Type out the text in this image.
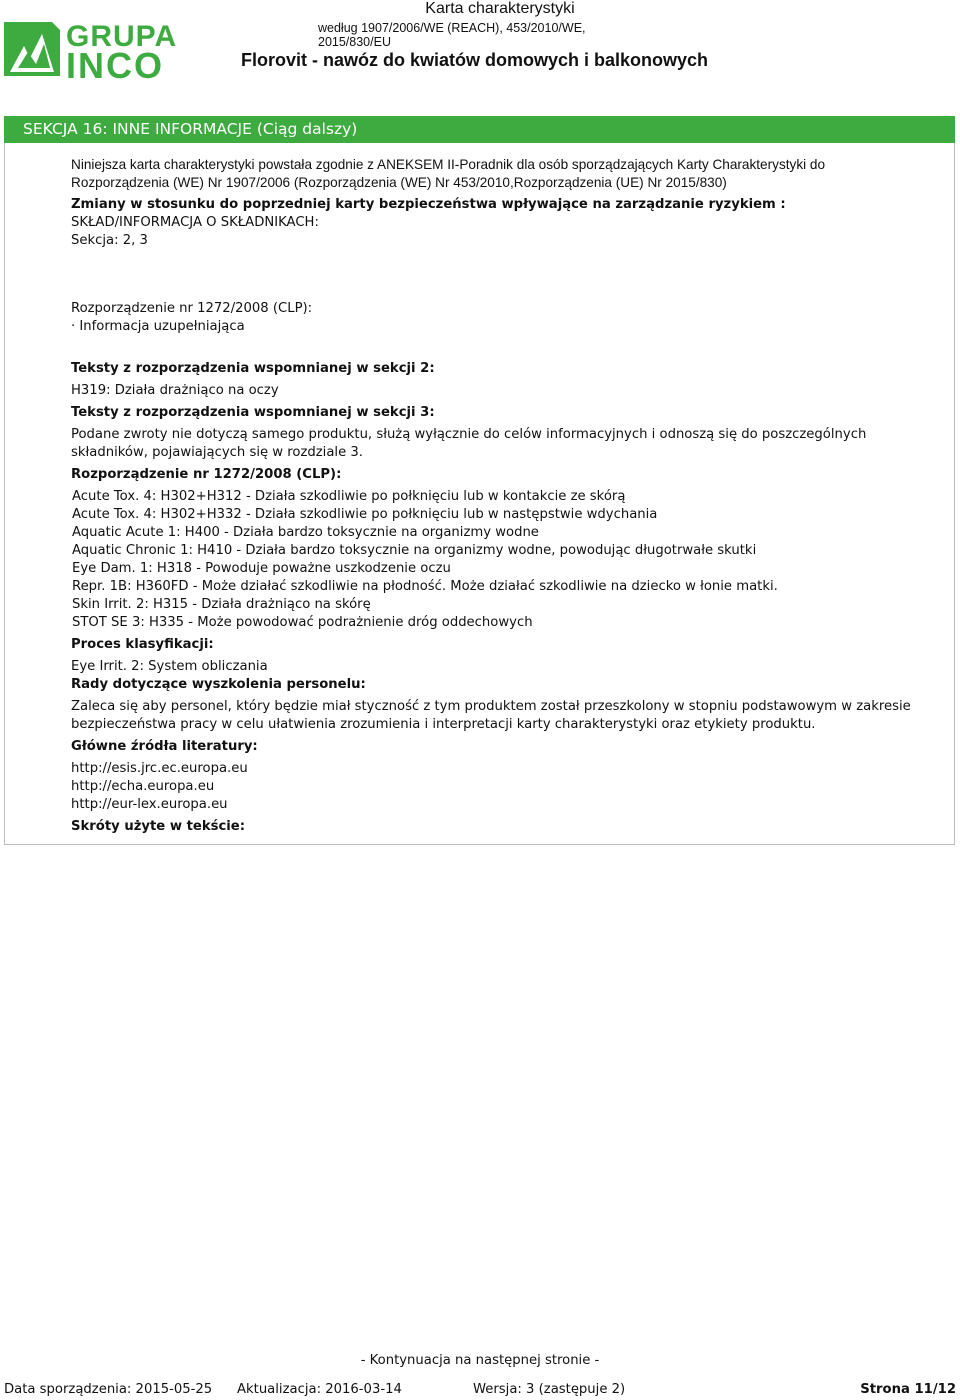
GRUPA
INCO
Karta charakterystyki
według 1907/2006/WE (REACH), 453/2010/WE, 2015/830/EU
Florovit - nawóz do kwiatów domowych i balkonowych
SEKCJA 16: INNE INFORMACJE (Ciąg dalszy)
Niniejsza karta charakterystyki powstała zgodnie z ANEKSEM II-Poradnik dla osób sporządzających Karty Charakterystyki do
Rozporządzenia (WE) Nr 1907/2006 (Rozporządzenia (WE) Nr 453/2010,Rozporządzenia (UE) Nr 2015/830)
Zmiany w stosunku do poprzedniej karty bezpieczeństwa wpływające na zarządzanie ryzykiem :
SKŁAD/INFORMACJA O SKŁADNIKACH:
Sekcja: 2, 3
Rozporządzenie nr 1272/2008 (CLP):
· Informacja uzupełniająca
Teksty z rozporządzenia wspomnianej w sekcji 2:
H319: Działa drażniąco na oczy
Teksty z rozporządzenia wspomnianej w sekcji 3:
Podane zwroty nie dotyczą samego produktu, służą wyłącznie do celów informacyjnych i odnoszą się do poszczególnych składników, pojawiających się w rozdziale 3.
Rozporządzenie nr 1272/2008 (CLP):
Acute Tox. 4: H302+H312 - Działa szkodliwie po połknięciu lub w kontakcie ze skórą
Acute Tox. 4: H302+H332 - Działa szkodliwie po połknięciu lub w następstwie wdychania
Aquatic Acute 1: H400 - Działa bardzo toksycznie na organizmy wodne
Aquatic Chronic 1: H410 - Działa bardzo toksycznie na organizmy wodne, powodując długotrwałe skutki
Eye Dam. 1: H318 - Powoduje poważne uszkodzenie oczu
Repr. 1B: H360FD - Może działać szkodliwie na płodność. Może działać szkodliwie na dziecko w łonie matki.
Skin Irrit. 2: H315 - Działa drażniąco na skórę
STOT SE 3: H335 - Może powodować podrażnienie dróg oddechowych
Proces klasyfikacji:
Eye Irrit. 2: System obliczania
Rady dotyczące wyszkolenia personelu:
Zaleca się aby personel, który będzie miał styczność z tym produktem został przeszkolony w stopniu podstawowym w zakresie bezpieczeństwa pracy w celu ułatwienia zrozumienia i interpretacji karty charakterystyki oraz etykiety produktu.
Główne źródła literatury:
http://esis.jrc.ec.europa.eu
http://echa.europa.eu
http://eur-lex.europa.eu
Skróty użyte w tekście:
- Kontynuacja na następnej stronie -
Data sporządzenia: 2015-05-25 Aktualizacja: 2016-03-14	Wersja: 3 (zastępuje 2)	Strona 11/12
